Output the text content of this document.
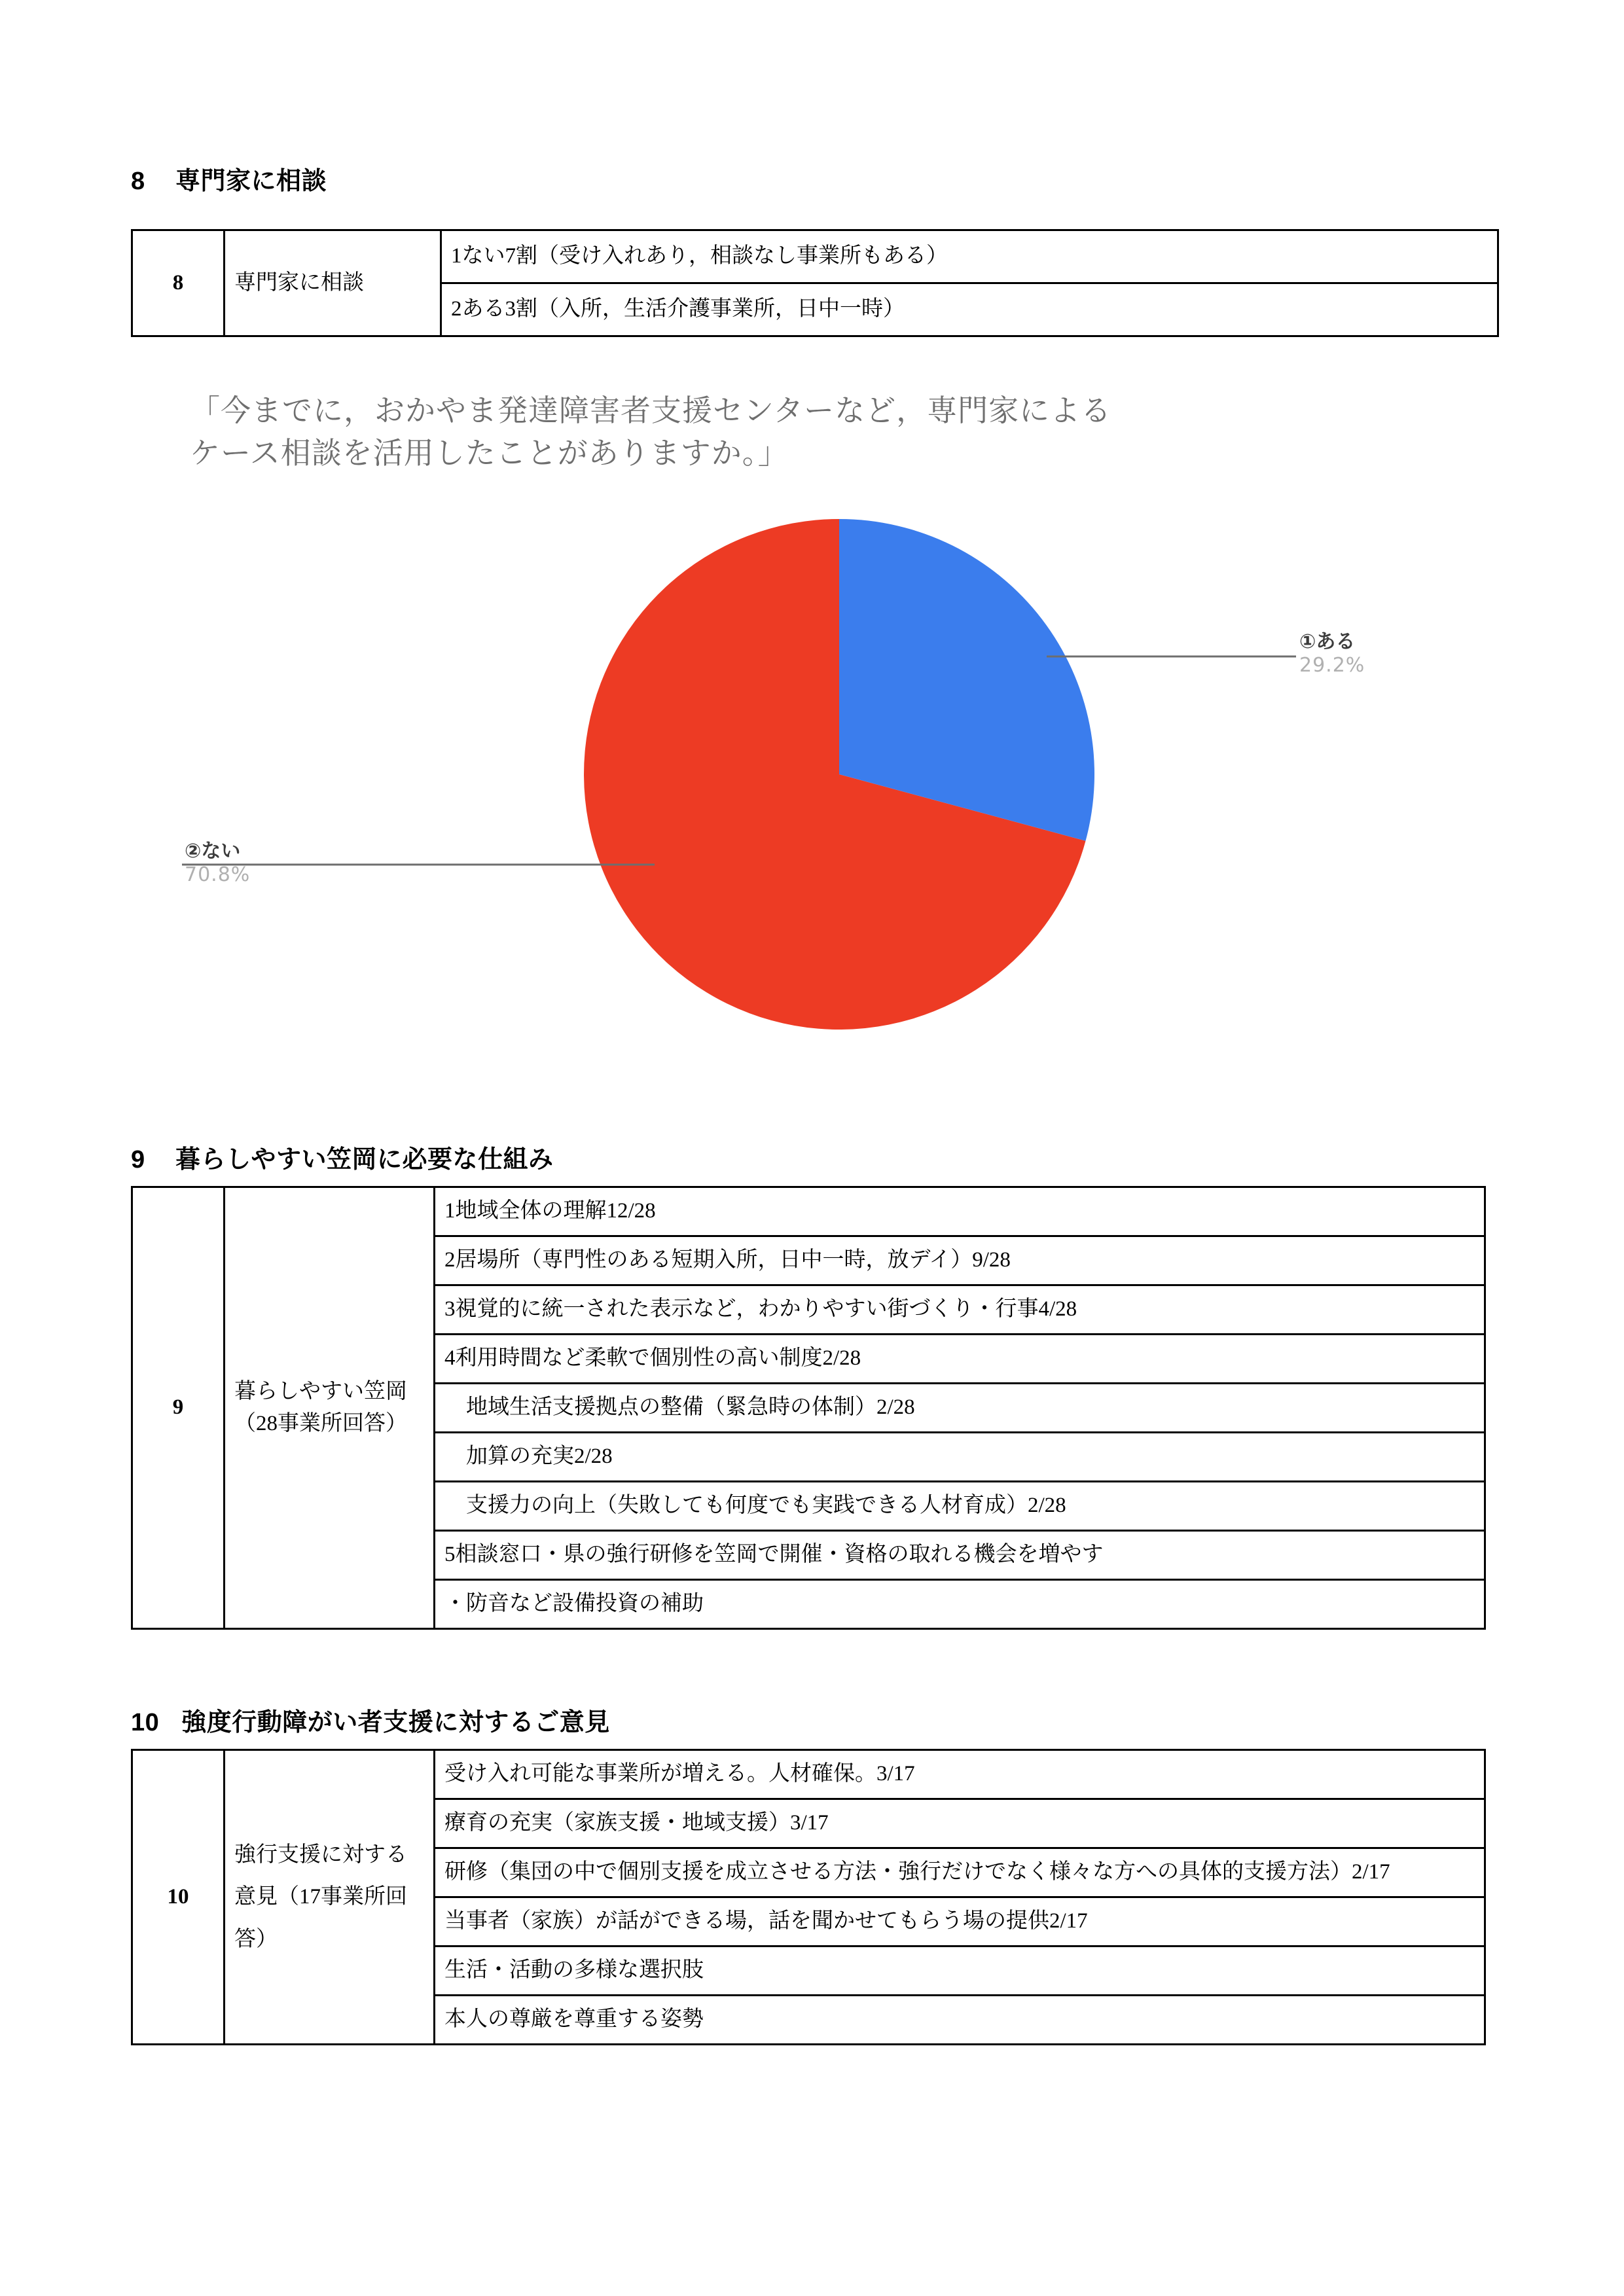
8 専門家に相談
8	専門家に相談	1ない7割（受け入れあり，相談なし事業所もある）
2ある3割（入所，生活介護事業所，日中一時）
「今までに，おかやま発達障害者支援センターなど，専門家による
ケース相談を活用したことがありますか。」
①ある
29.2%
②ない
70.8%
9 暮らしやすい笠岡に必要な仕組み
9	暮らしやすい笠岡（28事業所回答）	1地域全体の理解12/28
2居場所（専門性のある短期入所，日中一時，放デイ）9/28
3視覚的に統一された表示など，わかりやすい街づくり・行事4/28
4利用時間など柔軟で個別性の高い制度2/28
　地域生活支援拠点の整備（緊急時の体制）2/28
　加算の充実2/28
　支援力の向上（失敗しても何度でも実践できる人材育成）2/28
5相談窓口・県の強行研修を笠岡で開催・資格の取れる機会を増やす
・防音など設備投資の補助
10 強度行動障がい者支援に対するご意見
10	強行支援に対する意見（17事業所回答）	受け入れ可能な事業所が増える。人材確保。3/17
療育の充実（家族支援・地域支援）3/17
研修（集団の中で個別支援を成立させる方法・強行だけでなく様々な方への具体的支援方法）2/17
当事者（家族）が話ができる場，話を聞かせてもらう場の提供2/17
生活・活動の多様な選択肢
本人の尊厳を尊重する姿勢
